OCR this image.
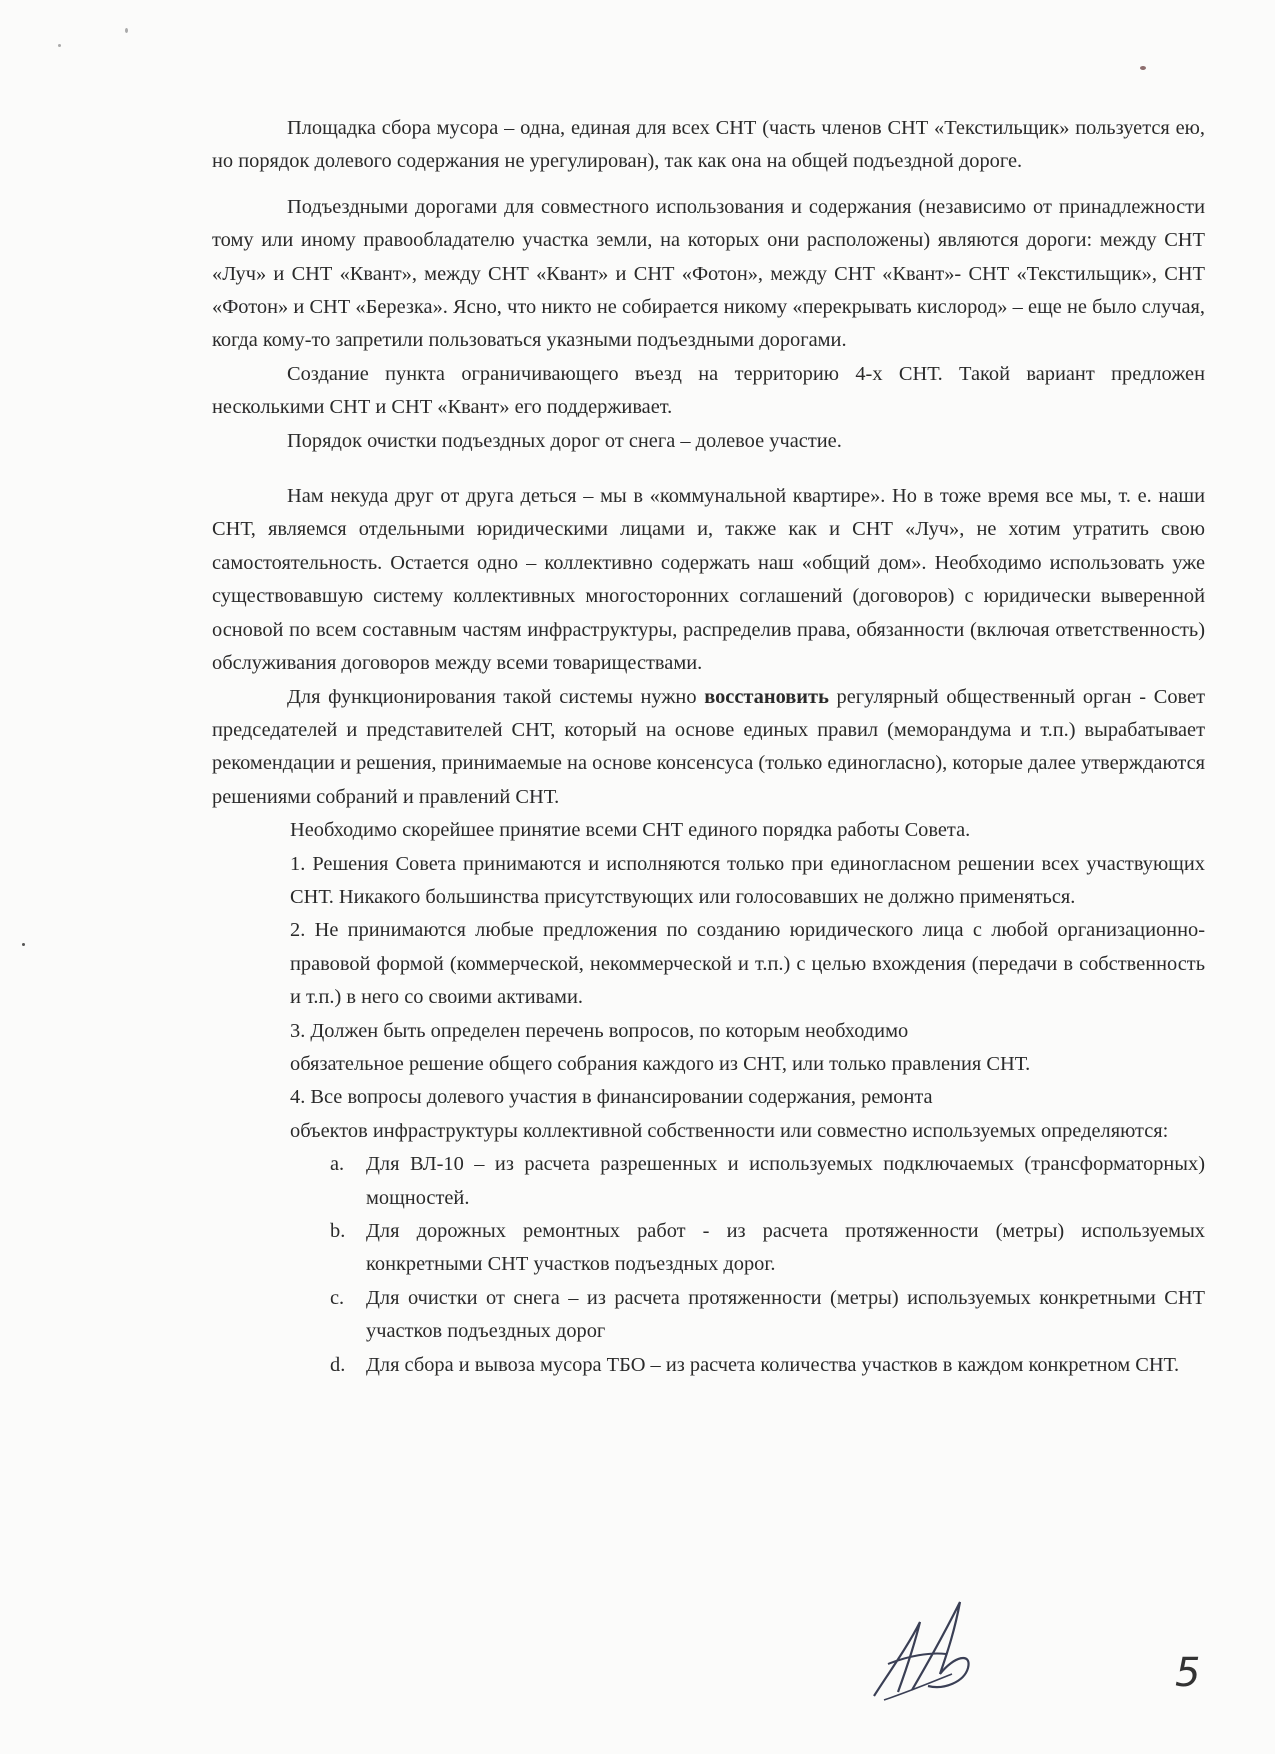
Площадка сбора мусора – одна, единая для всех СНТ (часть членов СНТ «Текстильщик» пользуется ею, но порядок долевого содержания не урегулирован), так как она на общей подъездной дороге.

Подъездными дорогами для совместного использования и содержания (независимо от принадлежности тому или иному правообладателю участка земли, на которых они расположены) являются дороги: между СНТ «Луч» и СНТ «Квант», между СНТ «Квант» и СНТ «Фотон», между СНТ «Квант»- СНТ «Текстильщик», СНТ «Фотон» и СНТ «Березка». Ясно, что никто не собирается никому «перекрывать кислород» – еще не было случая, когда кому-то запретили пользоваться указными подъездными дорогами.

Создание пункта ограничивающего въезд на территорию 4-х СНТ. Такой вариант предложен несколькими СНТ и СНТ «Квант» его поддерживает.

Порядок очистки подъездных дорог от снега – долевое участие.

Нам некуда друг от друга деться – мы в «коммунальной квартире». Но в тоже время все мы, т. е. наши СНТ, являемся отдельными юридическими лицами и, также как и СНТ «Луч», не хотим утратить свою самостоятельность. Остается одно – коллективно содержать наш «общий дом». Необходимо использовать уже существовавшую систему коллективных многосторонних соглашений (договоров) с юридически выверенной основой по всем составным частям инфраструктуры, распределив права, обязанности (включая ответственность) обслуживания договоров между всеми товариществами.

Для функционирования такой системы нужно восстановить регулярный общественный орган - Совет председателей и представителей СНТ, который на основе единых правил (меморандума и т.п.) вырабатывает рекомендации и решения, принимаемые на основе консенсуса (только единогласно), которые далее утверждаются решениями собраний и правлений СНТ.

Необходимо скорейшее принятие всеми СНТ единого порядка работы Совета.

1. Решения Совета принимаются и исполняются только при единогласном решении всех участвующих СНТ. Никакого большинства присутствующих или голосовавших не должно применяться.

2. Не принимаются любые предложения по созданию юридического лица с любой организационно-правовой формой (коммерческой, некоммерческой и т.п.) с целью вхождения (передачи в собственность и т.п.) в него со своими активами.

3. Должен быть определен перечень вопросов, по которым необходимо

обязательное решение общего собрания каждого из СНТ, или только правления СНТ.

4. Все вопросы долевого участия в финансировании содержания, ремонта

объектов инфраструктуры коллективной собственности или совместно используемых определяются:

a. Для ВЛ-10 – из расчета разрешенных и используемых подключаемых (трансформаторных) мощностей.
b. Для дорожных ремонтных работ - из расчета протяженности (метры) используемых конкретными СНТ участков подъездных дорог.
c. Для очистки от снега – из расчета протяженности (метры) используемых конкретными СНТ участков подъездных дорог
d. Для сбора и вывоза мусора ТБО – из расчета количества участков в каждом конкретном СНТ.
5
